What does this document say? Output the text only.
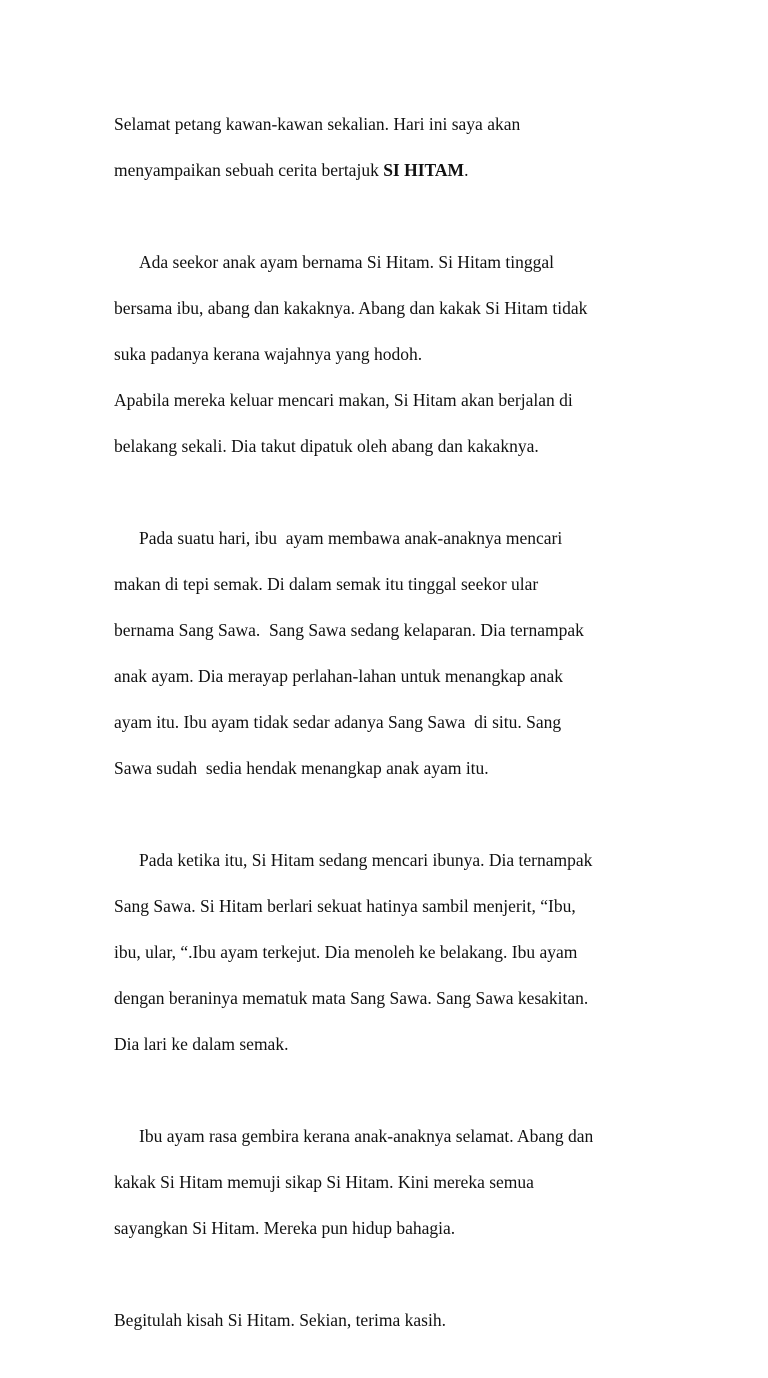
Selamat petang kawan-kawan sekalian. Hari ini saya akan

menyampaikan sebuah cerita bertajuk SI HITAM.

Ada seekor anak ayam bernama Si Hitam. Si Hitam tinggal

bersama ibu, abang dan kakaknya. Abang dan kakak Si Hitam tidak

suka padanya kerana wajahnya yang hodoh.

Apabila mereka keluar mencari makan, Si Hitam akan berjalan di

belakang sekali. Dia takut dipatuk oleh abang dan kakaknya.

Pada suatu hari, ibu  ayam membawa anak-anaknya mencari

makan di tepi semak. Di dalam semak itu tinggal seekor ular

bernama Sang Sawa.  Sang Sawa sedang kelaparan. Dia ternampak

anak ayam. Dia merayap perlahan-lahan untuk menangkap anak

ayam itu. Ibu ayam tidak sedar adanya Sang Sawa  di situ. Sang

Sawa sudah  sedia hendak menangkap anak ayam itu.

Pada ketika itu, Si Hitam sedang mencari ibunya. Dia ternampak

Sang Sawa. Si Hitam berlari sekuat hatinya sambil menjerit, “Ibu,

ibu, ular, “.Ibu ayam terkejut. Dia menoleh ke belakang. Ibu ayam

dengan beraninya mematuk mata Sang Sawa. Sang Sawa kesakitan.

Dia lari ke dalam semak.

Ibu ayam rasa gembira kerana anak-anaknya selamat. Abang dan

kakak Si Hitam memuji sikap Si Hitam. Kini mereka semua

sayangkan Si Hitam. Mereka pun hidup bahagia.

Begitulah kisah Si Hitam. Sekian, terima kasih.
